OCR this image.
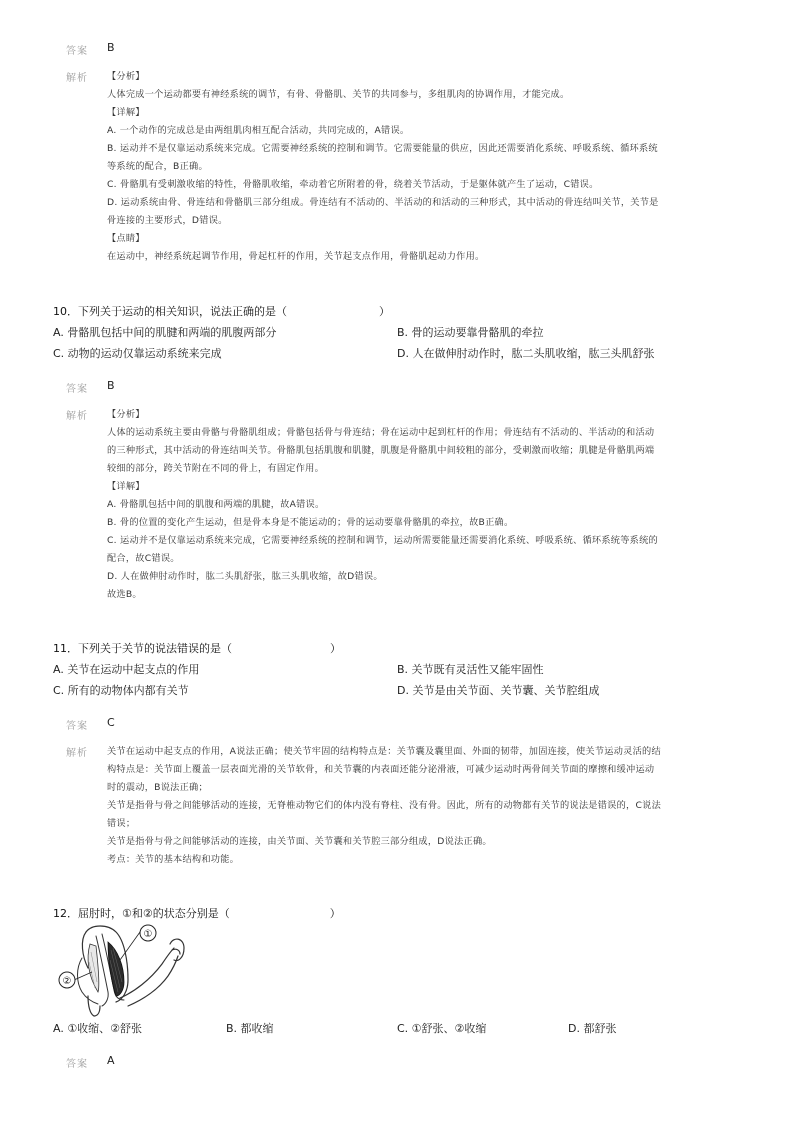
答案 B
解析 【分析】
人体完成一个运动都要有神经系统的调节，有骨、骨骼肌、关节的共同参与，多组肌肉的协调作用，才能完成。
【详解】
A. 一个动作的完成总是由两组肌肉相互配合活动，共同完成的，A错误。
B. 运动并不是仅靠运动系统来完成。它需要神经系统的控制和调节。它需要能量的供应，因此还需要消化系统、呼吸系统、循环系统
等系统的配合，B正确。
C. 骨骼肌有受刺激收缩的特性，骨骼肌收缩，牵动着它所附着的骨，绕着关节活动，于是躯体就产生了运动，C错误。
D. 运动系统由骨、骨连结和骨骼肌三部分组成。骨连结有不活动的、半活动的和活动的三种形式，其中活动的骨连结叫关节，关节是
骨连接的主要形式，D错误。
【点睛】
在运动中，神经系统起调节作用，骨起杠杆的作用，关节起支点作用，骨骼肌起动力作用。
10．下列关于运动的相关知识，说法正确的是（	）
A. 骨骼肌包括中间的肌腱和两端的肌腹两部分	B. 骨的运动要靠骨骼肌的牵拉
C. 动物的运动仅靠运动系统来完成	D. 人在做伸肘动作时，肱二头肌收缩，肱三头肌舒张
答案 B
解析 【分析】
人体的运动系统主要由骨骼与骨骼肌组成；骨骼包括骨与骨连结；骨在运动中起到杠杆的作用；骨连结有不活动的、半活动的和活动
的三种形式，其中活动的骨连结叫关节。骨骼肌包括肌腹和肌腱，肌腹是骨骼肌中间较粗的部分，受刺激而收缩；肌腱是骨骼肌两端
较细的部分，跨关节附在不同的骨上，有固定作用。
【详解】
A. 骨骼肌包括中间的肌腹和两端的肌腱，故A错误。
B. 骨的位置的变化产生运动，但是骨本身是不能运动的；骨的运动要靠骨骼肌的牵拉，故B正确。
C. 运动并不是仅靠运动系统来完成，它需要神经系统的控制和调节，运动所需要能量还需要消化系统、呼吸系统、循环系统等系统的
配合，故C错误。
D. 人在做伸肘动作时，肱二头肌舒张，肱三头肌收缩，故D错误。
故选B。
11．下列关于关节的说法错误的是（	）
A. 关节在运动中起支点的作用	B. 关节既有灵活性又能牢固性
C. 所有的动物体内都有关节	D. 关节是由关节面、关节囊、关节腔组成
答案 C
解析 关节在运动中起支点的作用，A说法正确；使关节牢固的结构特点是：关节囊及囊里面、外面的韧带，加固连接，使关节运动灵活的结
构特点是：关节面上覆盖一层表面光滑的关节软骨，和关节囊的内表面还能分泌滑液，可减少运动时两骨间关节面的摩擦和缓冲运动
时的震动，B说法正确；
关节是指骨与骨之间能够活动的连接，无脊椎动物它们的体内没有脊柱、没有骨。因此，所有的动物都有关节的说法是错误的，C说法
错误；
关节是指骨与骨之间能够活动的连接，由关节面、关节囊和关节腔三部分组成，D说法正确。
考点：关节的基本结构和功能。
12．屈肘时，①和②的状态分别是（	）
①
②
A. ①收缩、②舒张	B. 都收缩	C. ①舒张、②收缩	D. 都舒张
答案 A
